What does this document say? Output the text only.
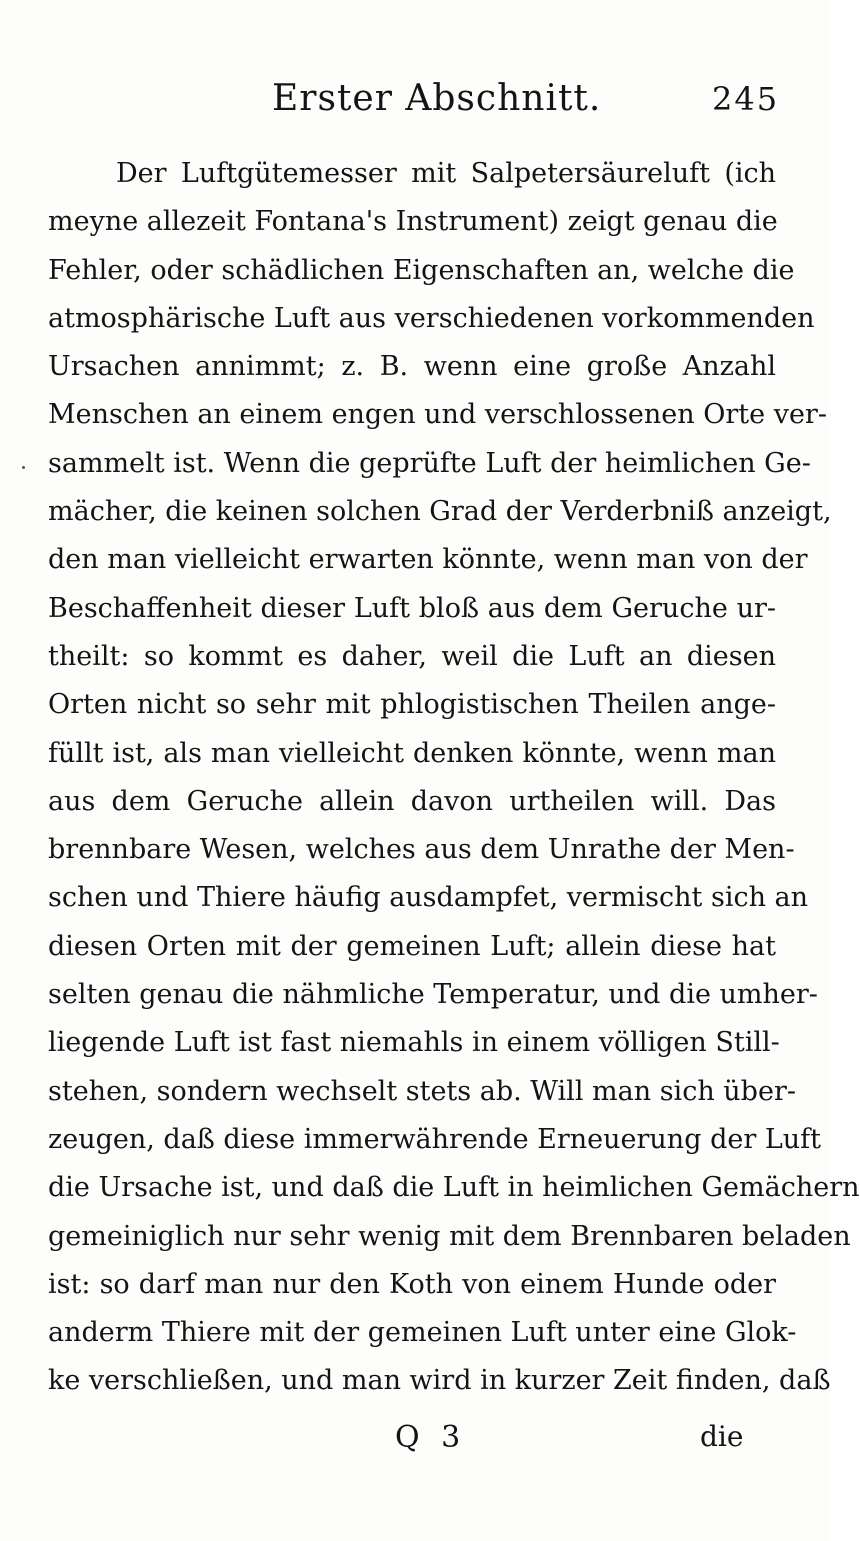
Erster Abschnitt.	245
Der Luftgütemesser mit Salpetersäureluft (ich
meyne allezeit Fontana's Instrument) zeigt genau die
Fehler, oder schädlichen Eigenschaften an, welche die
atmosphärische Luft aus verschiedenen vorkommenden
Ursachen annimmt; z. B. wenn eine große Anzahl
Menschen an einem engen und verschlossenen Orte ver-
sammelt ist. Wenn die geprüfte Luft der heimlichen Ge-
mächer, die keinen solchen Grad der Verderbniß anzeigt,
den man vielleicht erwarten könnte, wenn man von der
Beschaffenheit dieser Luft bloß aus dem Geruche ur-
theilt: so kommt es daher, weil die Luft an diesen
Orten nicht so sehr mit phlogistischen Theilen ange-
füllt ist, als man vielleicht denken könnte, wenn man
aus dem Geruche allein davon urtheilen will. Das
brennbare Wesen, welches aus dem Unrathe der Men-
schen und Thiere häufig ausdampfet, vermischt sich an
diesen Orten mit der gemeinen Luft; allein diese hat
selten genau die nähmliche Temperatur, und die umher-
liegende Luft ist fast niemahls in einem völligen Still-
stehen, sondern wechselt stets ab. Will man sich über-
zeugen, daß diese immerwährende Erneuerung der Luft
die Ursache ist, und daß die Luft in heimlichen Gemächern
gemeiniglich nur sehr wenig mit dem Brennbaren beladen
ist: so darf man nur den Koth von einem Hunde oder
anderm Thiere mit der gemeinen Luft unter eine Glok-
ke verschließen, und man wird in kurzer Zeit finden, daß
Q 3	die
